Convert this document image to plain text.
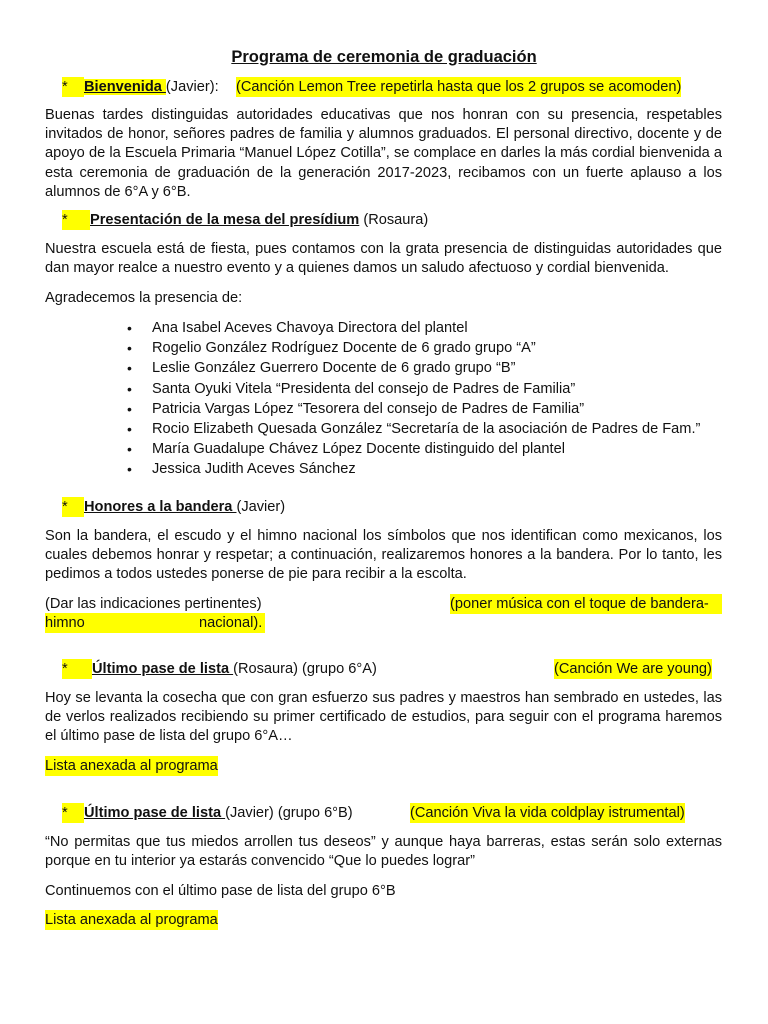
Programa de ceremonia de graduación
* Bienvenida (Javier): (Canción Lemon Tree repetirla hasta que los 2 grupos se acomoden)
Buenas tardes distinguidas autoridades educativas que nos honran con su presencia, respetables invitados de honor, señores padres de familia y alumnos graduados. El personal directivo, docente y de apoyo de la Escuela Primaria “Manuel López Cotilla”, se complace en darles la más cordial bienvenida a esta ceremonia de graduación de la generación 2017-2023, recibamos con un fuerte aplauso a los alumnos de 6°A y 6°B.
* Presentación de la mesa del presídium (Rosaura)
Nuestra escuela está de fiesta, pues contamos con la grata presencia de distinguidas autoridades que dan mayor realce a nuestro evento y a quienes damos un saludo afectuoso y cordial bienvenida.
Agradecemos la presencia de:
• Ana Isabel Aceves Chavoya Directora del plantel
• Rogelio González Rodríguez Docente de 6 grado grupo “A”
• Leslie González Guerrero Docente de 6 grado grupo “B”
• Santa Oyuki Vitela “Presidenta del consejo de Padres de Familia”
• Patricia Vargas López “Tesorera del consejo de Padres de Familia”
• Rocio Elizabeth Quesada González “Secretaría de la asociación de Padres de Fam.”
• María Guadalupe Chávez López Docente distinguido del plantel
• Jessica Judith Aceves Sánchez
* Honores a la bandera (Javier)
Son la bandera, el escudo y el himno nacional los símbolos que nos identifican como mexicanos, los cuales debemos honrar y respetar; a continuación, realizaremos honores a la bandera. Por lo tanto, les pedimos a todos ustedes ponerse de pie para recibir a la escolta.
(Dar las indicaciones pertinentes)	(poner música con el toque de bandera-
himno	nacional).
* Último pase de lista (Rosaura) (grupo 6°A)	(Canción We are young)
Hoy se levanta la cosecha que con gran esfuerzo sus padres y maestros han sembrado en ustedes, las de verlos realizados recibiendo su primer certificado de estudios, para seguir con el programa haremos el último pase de lista del grupo 6°A…
Lista anexada al programa
* Último pase de lista (Javier) (grupo 6°B)	(Canción Viva la vida coldplay istrumental)
“No permitas que tus miedos arrollen tus deseos” y aunque haya barreras, estas serán solo externas porque en tu interior ya estarás convencido “Que lo puedes lograr”
Continuemos con el último pase de lista del grupo 6°B
Lista anexada al programa
